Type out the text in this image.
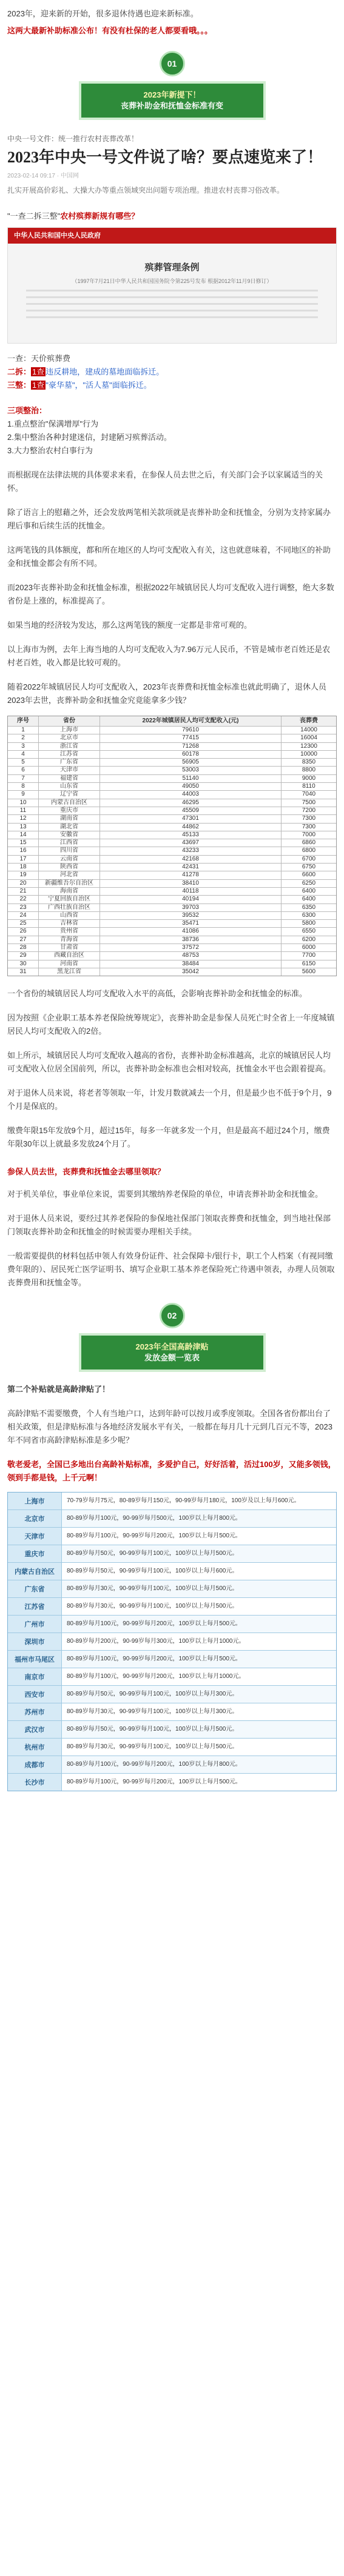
2023年，迎来新的开始，很多退休待遇也迎来新标准。

这两大最新补助标准公布！有没有杜保的老人都要看哦。。。

01
2023年新提下！
丧葬补助金和抚恤金标准有变

中央一号文件：统一推行农村丧葬改革！

2023年中央一号文件说了啥？要点速览来了！

2023-02-14 09:17 · 中国网

扎实开展高价彩礼、大操大办等重点领域突出问题专项治理。推进农村丧葬习俗改革。

"一查二拆三整"农村殡葬新规有哪些？

中华人民共和国中央人民政府
殡葬管理条例
（1997年7月21日中华人民共和国国务院令第225号发布 根据2012年11月9日修订）
一查：天价殡葬费
二拆： 1查 违反耕地，建成的墓地面临拆迁。
三整： 1查 "豪华墓"，"活人墓"面临拆迁。
三项整治：
1.重点整治"保满增厚"行为
2.集中整治各种封建迷信，封建陋习殡葬活动。
3.大力整治农村白事行为

而根据现在法律法规的具体要求来看，在参保人员去世之后，有关部门会予以家属适当的关怀。

除了语言上的慰藉之外，还会发放两笔相关款项就是丧葬补助金和抚恤金，分别为支持家属办理后事和后续生活的抚恤金。

这两笔钱的具体额度，都和所在地区的人均可支配收入有关，这也就意味着，不同地区的补助金和抚恤金都会有所不同。

而2023年丧葬补助金和抚恤金标准，根据2022年城镇居民人均可支配收入进行调整，绝大多数省份是上涨的，标准提高了。

如果当地的经济较为发达，那么这两笔钱的额度一定都是非常可观的。

以上海市为例，去年上海当地的人均可支配收入为7.96万元人民币，不管是城市老百姓还是农村老百姓，收入都是比较可观的。

随着2022年城镇居民人均可支配收入，2023年丧葬费和抚恤金标准也就此明确了，退休人员2023年去世，丧葬补助金和抚恤金究竟能拿多少钱？

序号	省份	2022年城镇居民人均可支配收入(元)	丧葬费
1	上海市	79610	14000
2	北京市	77415	16004
3	浙江省	71268	12300
4	江苏省	60178	10000
5	广东省	56905	8350
6	天津市	53003	8800
7	福建省	51140	9000
8	山东省	49050	8110
9	辽宁省	44003	7040
10	内蒙古自治区	46295	7500
11	重庆市	45509	7200
12	湖南省	47301	7300
13	湖北省	44862	7300
14	安徽省	45133	7000
15	江西省	43697	6860
16	四川省	43233	6800
17	云南省	42168	6700
18	陕西省	42431	6750
19	河北省	41278	6600
20	新疆维吾尔自治区	38410	6250
21	海南省	40118	6400
22	宁夏回族自治区	40194	6400
23	广西壮族自治区	39703	6350
24	山西省	39532	6300
25	吉林省	35471	5800
26	贵州省	41086	6550
27	青海省	38736	6200
28	甘肃省	37572	6000
29	西藏自治区	48753	7700
30	河南省	38484	6150
31	黑龙江省	35042	5600

一个省份的城镇居民人均可支配收入水平的高低，会影响丧葬补助金和抚恤金的标准。

因为按照《企业职工基本养老保险统筹规定》，丧葬补助金是参保人员死亡时全省上一年度城镇居民人均可支配收入的2倍。

如上所示，城镇居民人均可支配收入越高的省份，丧葬补助金标准越高，北京的城镇居民人均可支配收入位居全国前列，所以，丧葬补助金标准也会相对较高，抚恤金水平也会跟着提高。

对于退休人员来说，将老者等领取一年，计发月数就减去一个月，但是最少也不低于9个月，9个月是保底的。

缴费年限15年发放9个月，超过15年，每多一年就多发一个月，但是最高不超过24个月，缴费年限30年以上就最多发放24个月了。

参保人员去世，丧葬费和抚恤金去哪里领取？

对于机关单位，事业单位来说，需要到其缴纳养老保险的单位，申请丧葬补助金和抚恤金。

对于退休人员来说，要经过其养老保险的参保地社保部门领取丧葬费和抚恤金，到当地社保部门领取丧葬补助金和抚恤金的时候需要办理相关手续。

一般需要提供的材料包括申领人有效身份证件、社会保障卡/银行卡，职工个人档案（有视同缴费年限的）、居民死亡医学证明书、填写企业职工基本养老保险死亡待遇申领表，办理人员领取丧葬费用和抚恤金等。

02
2023年全国高龄津贴
发放金额一览表

第二个补贴就是高龄津贴了！

高龄津贴不需要缴费，个人有当地户口，达到年龄可以按月或季度领取。全国各省份都出台了相关政策，但是津贴标准与各地经济发展水平有关，一般都在每月几十元到几百元不等，2023年不同省市高龄津贴标准是多少呢？

敬老爱老，全国已多地出台高龄补贴标准，多爱护自己，好好活着，活过100岁，又能多领钱，领到手都是钱，上千元啊！

上海市	70-79岁每月75元，80-89岁每月150元，90-99岁每月180元，100岁及以上每月600元。
北京市	80-89岁每月100元，90-99岁每月500元，100岁以上每月800元。
天津市	80-89岁每月100元，90-99岁每月200元，100岁以上每月500元。
重庆市	80-89岁每月50元，90-99岁每月100元，100岁以上每月500元。
内蒙古自治区	80-89岁每月50元，90-99岁每月100元，100岁以上每月600元。
广东省	80-89岁每月30元，90-99岁每月100元，100岁以上每月500元。
江苏省	80-89岁每月30元，90-99岁每月100元，100岁以上每月500元。
广州市	80-89岁每月100元，90-99岁每月200元，100岁以上每月500元。
深圳市	80-89岁每月200元，90-99岁每月300元，100岁以上每月1000元。
福州市马尾区	80-89岁每月100元，90-99岁每月200元，100岁以上每月500元。
南京市	80-89岁每月100元，90-99岁每月200元，100岁以上每月1000元。
西安市	80-89岁每月50元，90-99岁每月100元，100岁以上每月300元。
苏州市	80-89岁每月30元，90-99岁每月100元，100岁以上每月300元。
武汉市	80-89岁每月50元，90-99岁每月100元，100岁以上每月500元。
杭州市	80-89岁每月30元，90-99岁每月100元，100岁以上每月500元。
成都市	80-89岁每月100元，90-99岁每月200元，100岁以上每月800元。
长沙市	80-89岁每月100元，90-99岁每月200元，100岁以上每月500元。
